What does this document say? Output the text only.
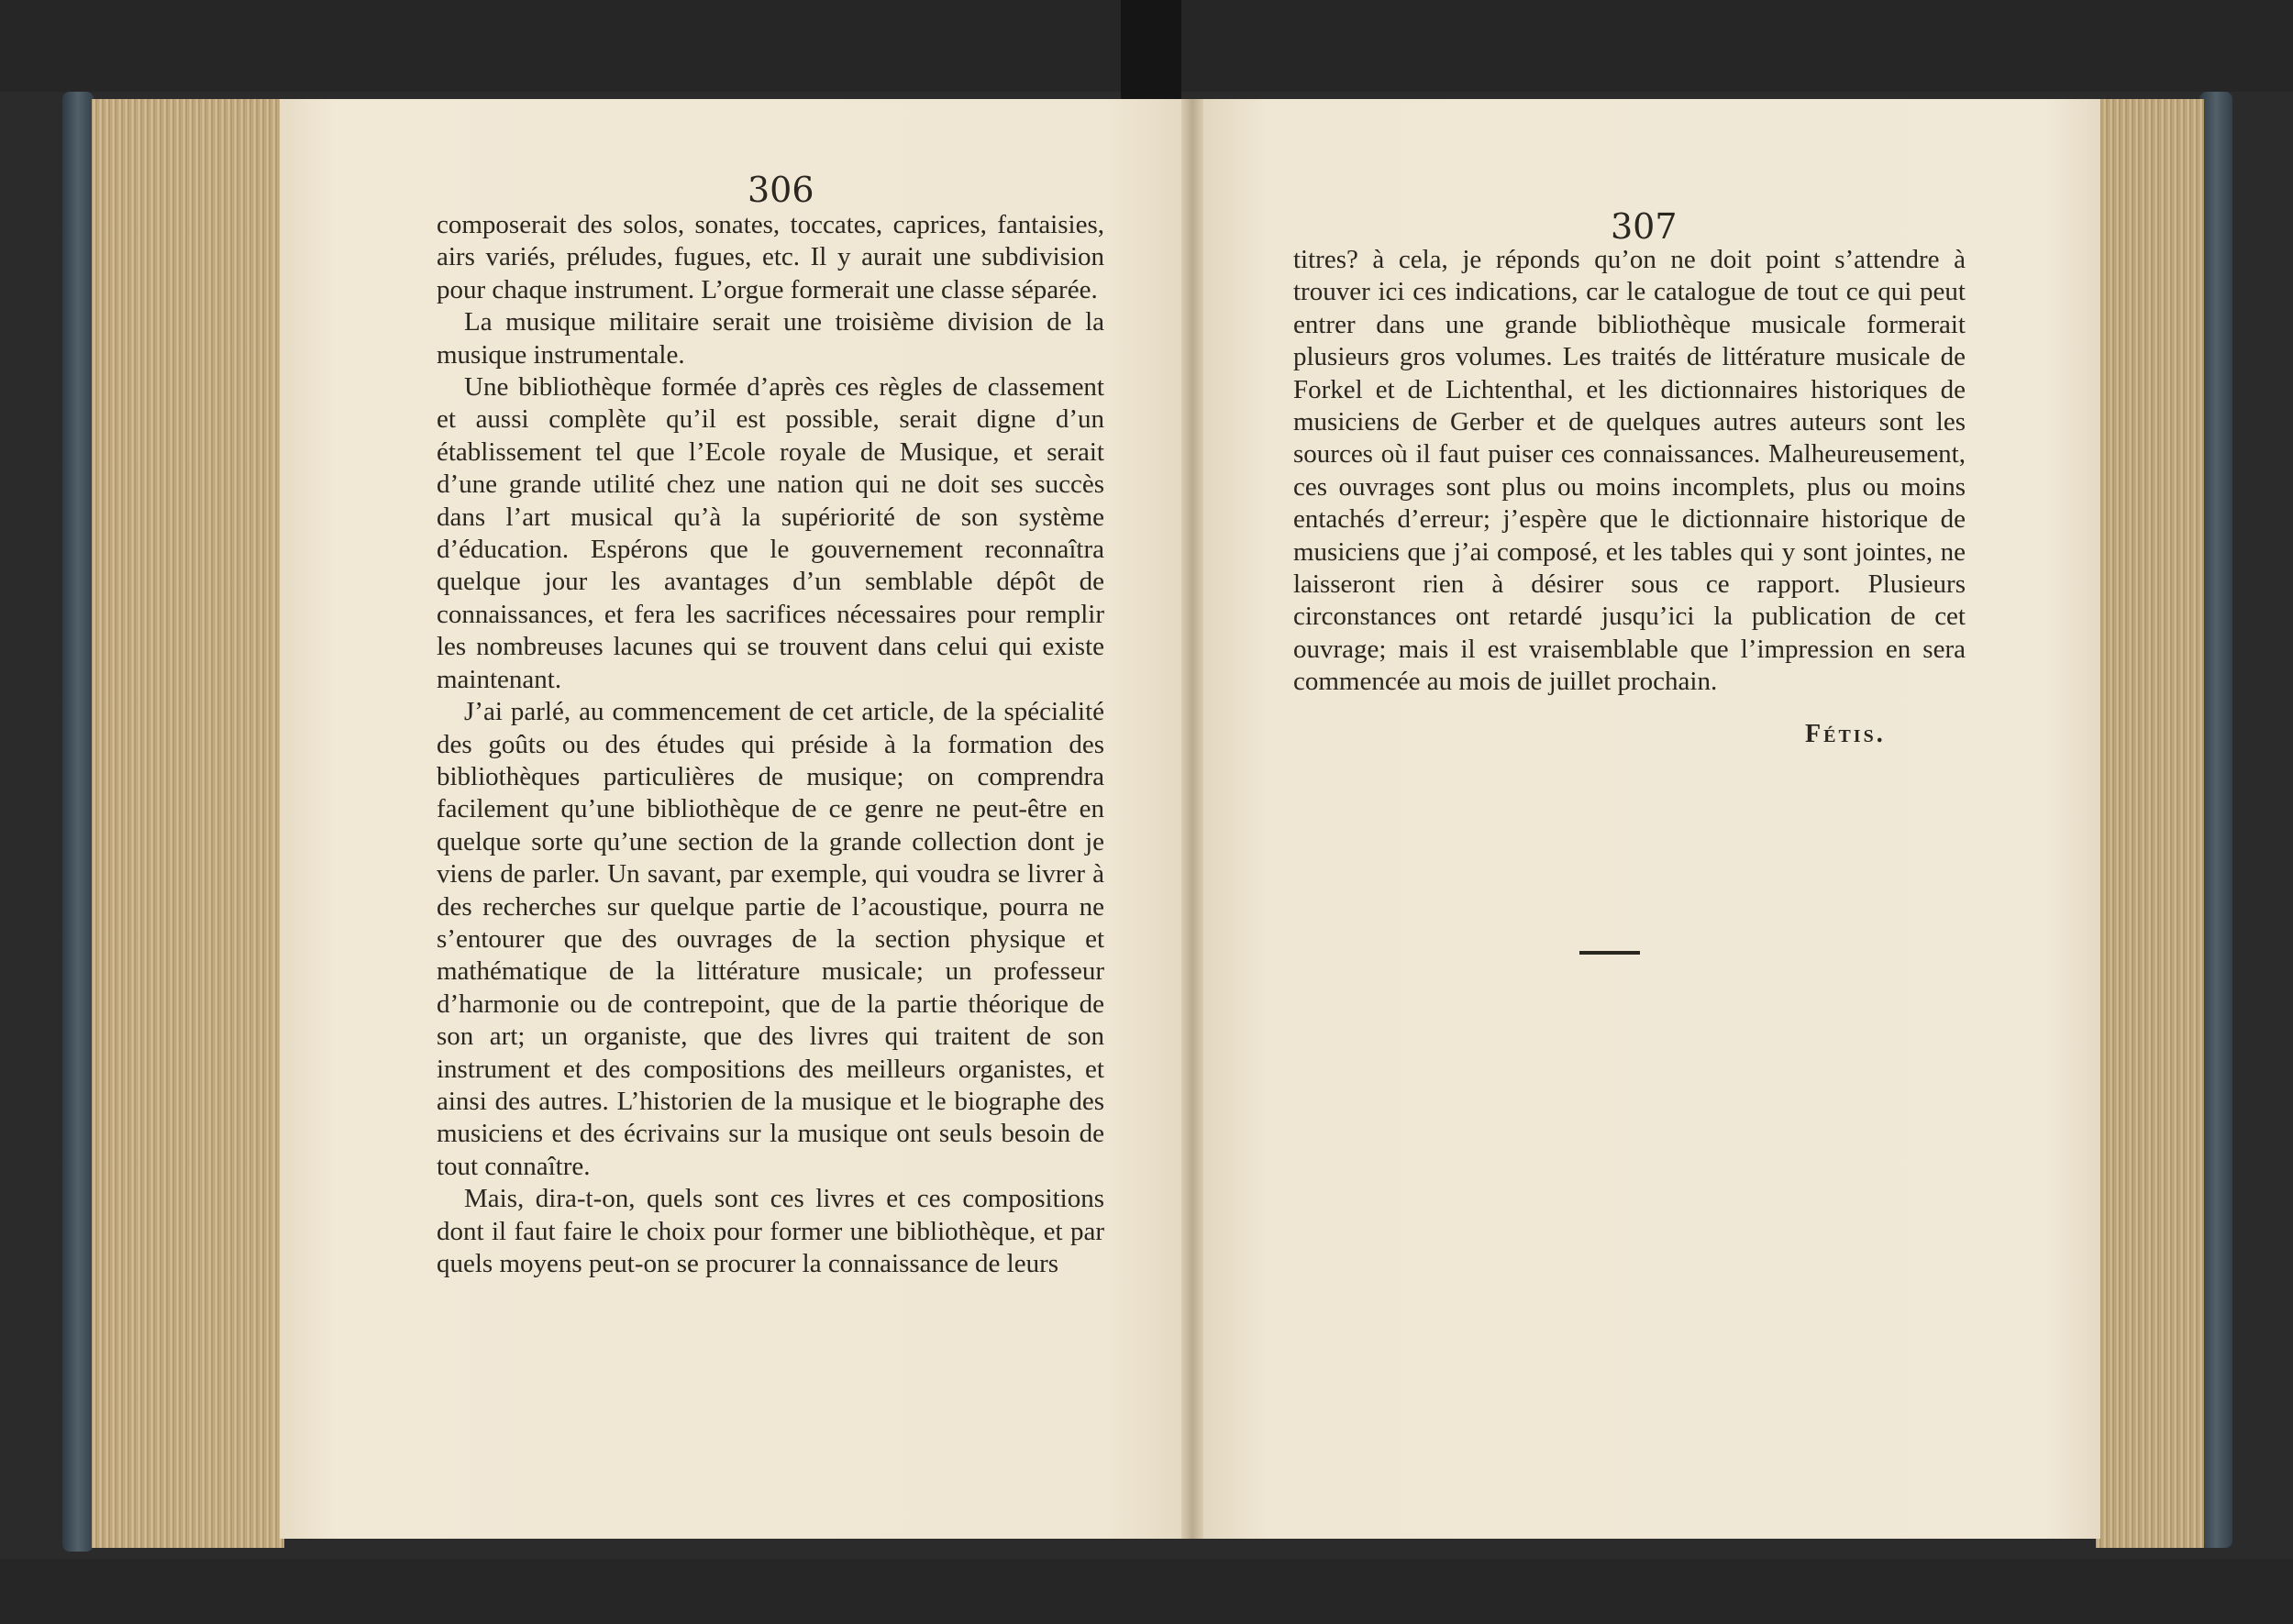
306
307

composerait des solos, sonates, toccates, caprices, fantaisies, airs variés, préludes, fugues, etc. Il y aurait une subdivision pour chaque instrument. L’orgue formerait une classe séparée.

La musique militaire serait une troisième division de la musique instrumentale.

Une bibliothèque formée d’après ces règles de classement et aussi complète qu’il est possible, serait digne d’un établissement tel que l’Ecole royale de Musique, et serait d’une grande utilité chez une nation qui ne doit ses succès dans l’art musical qu’à la supériorité de son système d’éducation. Espérons que le gouvernement reconnaîtra quelque jour les avantages d’un semblable dépôt de connaissances, et fera les sacrifices nécessaires pour remplir les nombreuses lacunes qui se trouvent dans celui qui existe maintenant.

J’ai parlé, au commencement de cet article, de la spécialité des goûts ou des études qui préside à la formation des bibliothèques particulières de musique; on comprendra facilement qu’une bibliothèque de ce genre ne peut-être en quelque sorte qu’une section de la grande collection dont je viens de parler. Un savant, par exemple, qui voudra se livrer à des recherches sur quelque partie de l’acoustique, pourra ne s’entourer que des ouvrages de la section physique et mathématique de la littérature musicale; un professeur d’harmonie ou de contrepoint, que de la partie théorique de son art; un organiste, que des livres qui traitent de son instrument et des compositions des meilleurs organistes, et ainsi des autres. L’historien de la musique et le biographe des musiciens et des écrivains sur la musique ont seuls besoin de tout connaître.

Mais, dira-t-on, quels sont ces livres et ces compositions dont il faut faire le choix pour former une bibliothèque, et par quels moyens peut-on se procurer la connaissance de leurs

titres? à cela, je réponds qu’on ne doit point s’attendre à trouver ici ces indications, car le catalogue de tout ce qui peut entrer dans une grande bibliothèque musicale formerait plusieurs gros volumes. Les traités de littérature musicale de Forkel et de Lichtenthal, et les dictionnaires historiques de musiciens de Gerber et de quelques autres auteurs sont les sources où il faut puiser ces connaissances. Malheureusement, ces ouvrages sont plus ou moins incomplets, plus ou moins entachés d’erreur; j’espère que le dictionnaire historique de musiciens que j’ai composé, et les tables qui y sont jointes, ne laisseront rien à désirer sous ce rapport. Plusieurs circonstances ont retardé jusqu’ici la publication de cet ouvrage; mais il est vraisemblable que l’impression en sera commencée au mois de juillet prochain.

Fétis.
